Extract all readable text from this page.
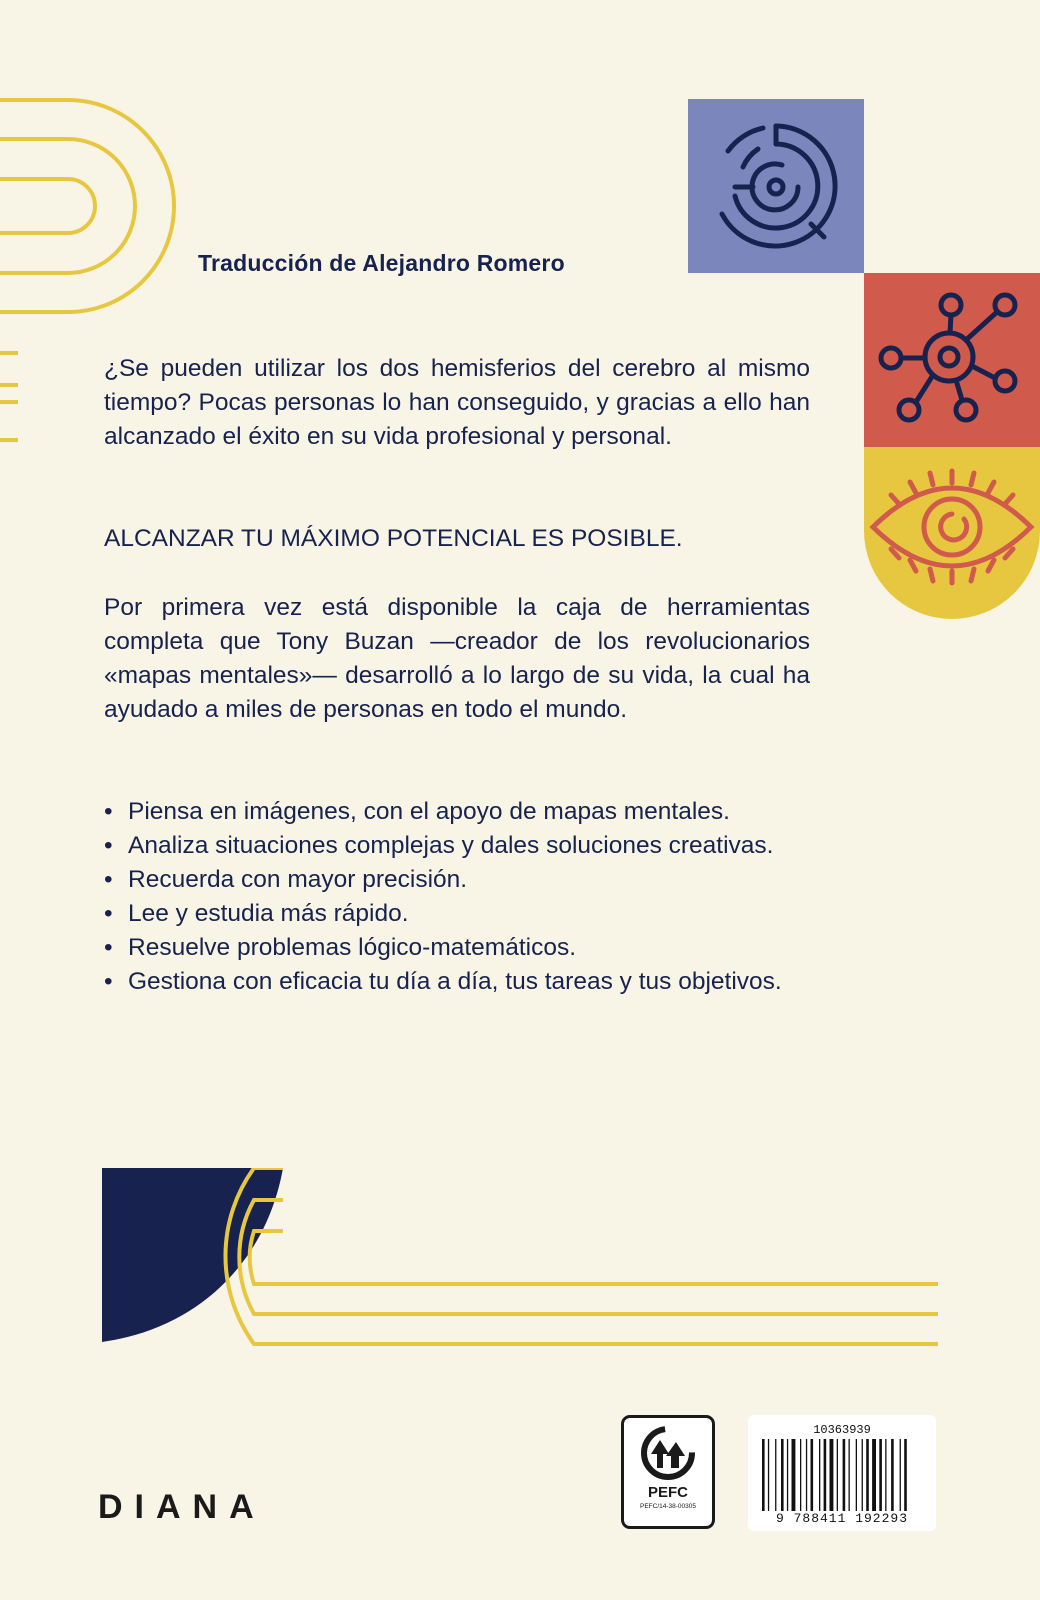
Traducción de Alejandro Romero
¿Se pueden utilizar los dos hemisferios del cerebro al mismo tiempo? Pocas personas lo han conseguido, y gracias a ello han alcanzado el éxito en su vida profesional y personal.
ALCANZAR TU MÁXIMO POTENCIAL ES POSIBLE.
Por primera vez está disponible la caja de herramientas completa que Tony Buzan —creador de los revolucionarios «mapas mentales»— desarrolló a lo largo de su vida, la cual ha ayudado a miles de personas en todo el mundo.
• Piensa en imágenes, con el apoyo de mapas mentales.
• Analiza situaciones complejas y dales soluciones creativas.
• Recuerda con mayor precisión.
• Lee y estudia más rápido.
• Resuelve problemas lógico-matemáticos.
• Gestiona con eficacia tu día a día, tus tareas y tus objetivos.
DIANA	PEFC
PEFC/14-38-00305
10363939
9 788411 192293
